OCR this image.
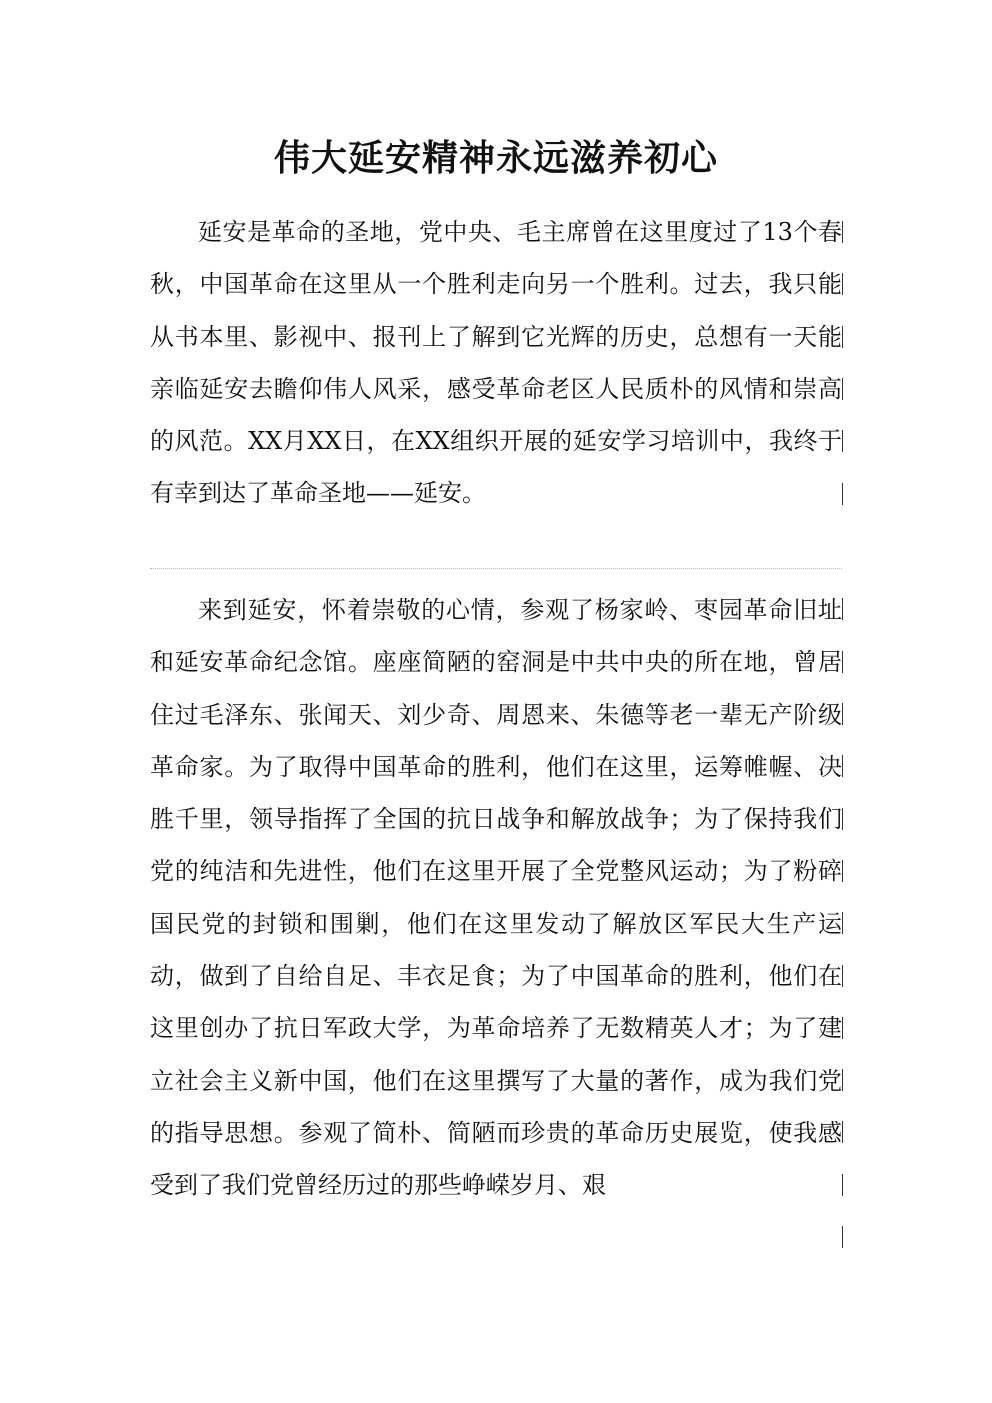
伟大延安精神永远滋养初心

延安是革命的圣地，党中央、毛主席曾在这里度过了13个春秋，中国革命在这里从一个胜利走向另一个胜利。过去，我只能从书本里、影视中、报刊上了解到它光辉的历史，总想有一天能亲临延安去瞻仰伟人风采，感受革命老区人民质朴的风情和崇高的风范。XX月XX日，在XX组织开展的延安学习培训中，我终于有幸到达了革命圣地——延安。

来到延安，怀着崇敬的心情，参观了杨家岭、枣园革命旧址和延安革命纪念馆。座座简陋的窑洞是中共中央的所在地，曾居住过毛泽东、张闻天、刘少奇、周恩来、朱德等老一辈无产阶级革命家。为了取得中国革命的胜利，他们在这里，运筹帷幄、决胜千里，领导指挥了全国的抗日战争和解放战争；为了保持我们党的纯洁和先进性，他们在这里开展了全党整风运动；为了粉碎国民党的封锁和围剿，他们在这里发动了解放区军民大生产运动，做到了自给自足、丰衣足食；为了中国革命的胜利，他们在这里创办了抗日军政大学，为革命培养了无数精英人才；为了建立社会主义新中国，他们在这里撰写了大量的著作，成为我们党的指导思想。参观了简朴、简陋而珍贵的革命历史展览，使我感受到了我们党曾经历过的那些峥嵘岁月、艰
